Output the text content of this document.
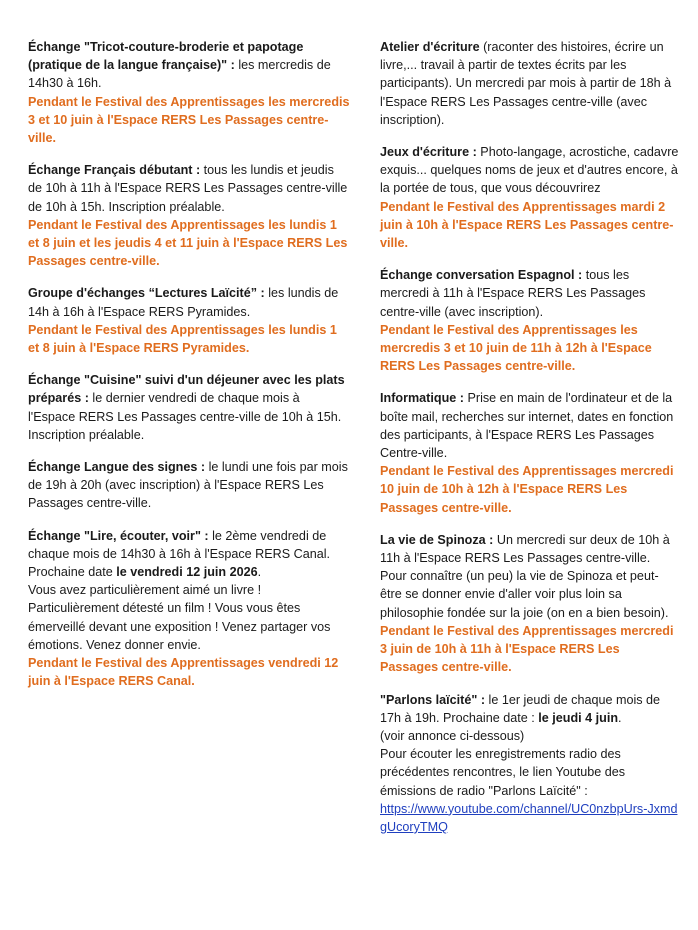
Échange "Tricot-couture-broderie et papotage (pratique de la langue française)" : les mercredis de 14h30 à 16h.
Pendant le Festival des Apprentissages les mercredis 3 et 10 juin à l'Espace RERS Les Passages centre-ville.
Échange Français débutant : tous les lundis et jeudis de 10h à 11h à l'Espace RERS Les Passages centre-ville de 10h à 15h. Inscription préalable.
Pendant le Festival des Apprentissages les lundis 1 et 8 juin et les jeudis 4 et 11 juin à l'Espace RERS Les Passages centre-ville.
Groupe d'échanges “Lectures Laïcité” : les lundis de 14h à 16h à l'Espace RERS Pyramides.
Pendant le Festival des Apprentissages les lundis 1 et 8 juin à l'Espace RERS Pyramides.
Échange "Cuisine" suivi d'un déjeuner avec les plats préparés : le dernier vendredi de chaque mois à l'Espace RERS Les Passages centre-ville de 10h à 15h. Inscription préalable.
Échange Langue des signes : le lundi une fois par mois de 19h à 20h (avec inscription) à l'Espace RERS Les Passages centre-ville.
Échange "Lire, écouter, voir" : le 2ème vendredi de chaque mois de 14h30 à 16h à l'Espace RERS Canal. Prochaine date le vendredi 12 juin 2026.
Vous avez particulièrement aimé un livre ! Particulièrement détesté un film ! Vous vous êtes émerveillé devant une exposition ! Venez partager vos émotions. Venez donner envie.
Pendant le Festival des Apprentissages vendredi 12 juin à l'Espace RERS Canal.
Atelier d'écriture (raconter des histoires, écrire un livre,... travail à partir de textes écrits par les participants). Un mercredi par mois à partir de 18h à l'Espace RERS Les Passages centre-ville (avec inscription).
Jeux d'écriture : Photo-langage, acrostiche, cadavre exquis... quelques noms de jeux et d'autres encore, à la portée de tous, que vous découvrirez
Pendant le Festival des Apprentissages mardi 2 juin à 10h à l'Espace RERS Les Passages centre-ville.
Échange conversation Espagnol : tous les mercredi à 11h à l'Espace RERS Les Passages centre-ville (avec inscription).
Pendant le Festival des Apprentissages les mercredis 3 et 10 juin de 11h à 12h à l'Espace RERS Les Passages centre-ville.
Informatique : Prise en main de l'ordinateur et de la boîte mail, recherches sur internet, dates en fonction des participants, à l'Espace RERS Les Passages Centre-ville.
Pendant le Festival des Apprentissages mercredi 10 juin de 10h à 12h à l'Espace RERS Les Passages centre-ville.
La vie de Spinoza : Un mercredi sur deux de 10h à 11h à l'Espace RERS Les Passages centre-ville. Pour connaître (un peu) la vie de Spinoza et peut-être se donner envie d'aller voir plus loin sa philosophie fondée sur la joie (on en a bien besoin).
Pendant le Festival des Apprentissages mercredi 3 juin de 10h à 11h à l'Espace RERS Les Passages centre-ville.
"Parlons laïcité" : le 1er jeudi de chaque mois de 17h à 19h. Prochaine date : le jeudi 4 juin.
(voir annonce ci-dessous)
Pour écouter les enregistrements radio des précédentes rencontres, le lien Youtube des émissions de radio "Parlons Laïcité" :
https://www.youtube.com/channel/UC0nzbpUrs-JxmdgUcoryTMQ
